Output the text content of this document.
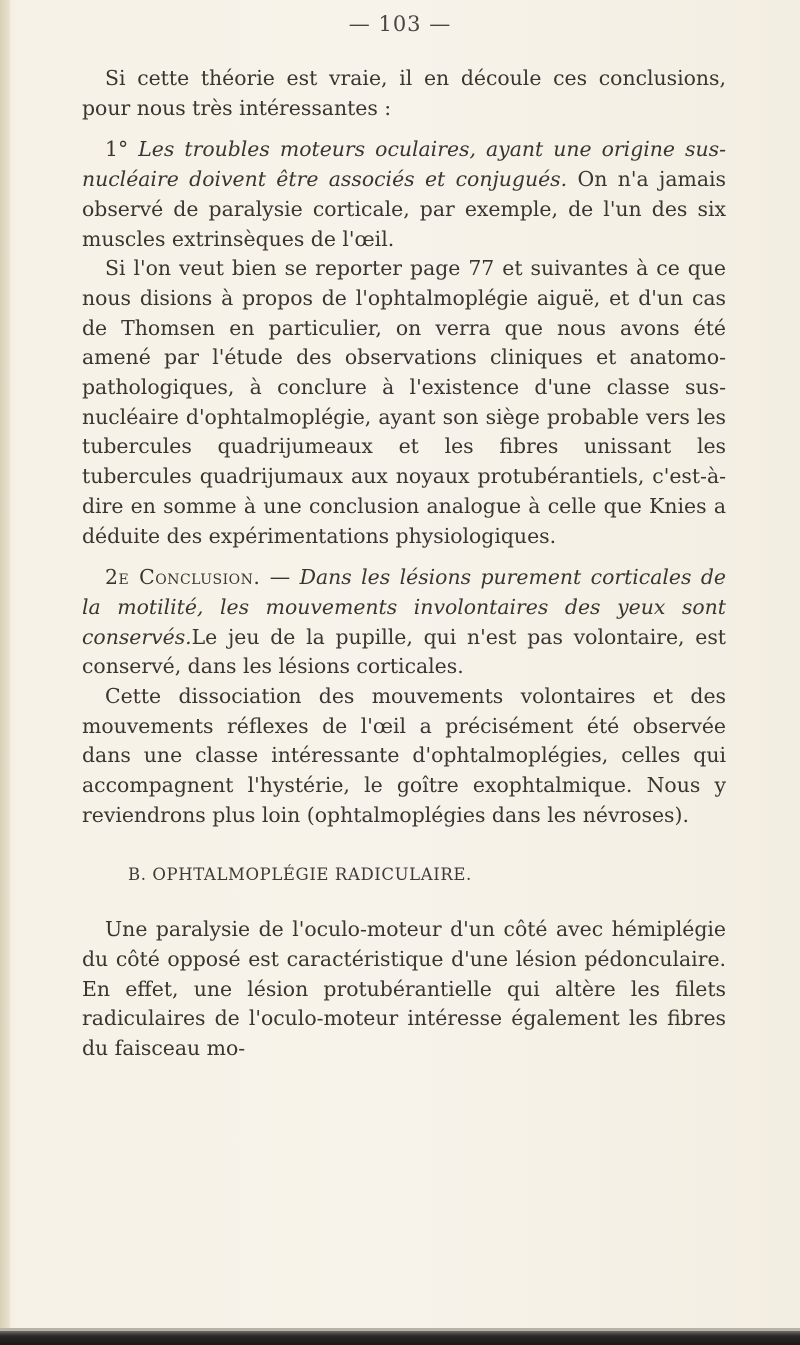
— 103 —

Si cette théorie est vraie, il en découle ces conclusions, pour nous très intéressantes :

1° Les troubles moteurs oculaires, ayant une origine sus-nucléaire doivent être associés et conjugués. On n'a jamais observé de paralysie corticale, par exemple, de l'un des six muscles extrinsèques de l'œil.

Si l'on veut bien se reporter page 77 et suivantes à ce que nous disions à propos de l'ophtalmoplégie aiguë, et d'un cas de Thomsen en particulier, on verra que nous avons été amené par l'étude des observations cliniques et anatomo-pathologiques, à conclure à l'existence d'une classe sus-nucléaire d'ophtalmoplégie, ayant son siège probable vers les tubercules quadrijumeaux et les fibres unissant les tubercules quadrijumaux aux noyaux protubérantiels, c'est-à-dire en somme à une conclusion analogue à celle que Knies a déduite des expérimentations physiologiques.

2e Conclusion. — Dans les lésions purement corticales de la motilité, les mouvements involontaires des yeux sont conservés.Le jeu de la pupille, qui n'est pas volontaire, est conservé, dans les lésions corticales.

Cette dissociation des mouvements volontaires et des mouvements réflexes de l'œil a précisément été observée dans une classe intéressante d'ophtalmoplégies, celles qui accompagnent l'hystérie, le goître exophtalmique. Nous y reviendrons plus loin (ophtalmoplégies dans les névroses).

B. OPHTALMOPLÉGIE RADICULAIRE.

Une paralysie de l'oculo-moteur d'un côté avec hémiplégie du côté opposé est caractéristique d'une lésion pédonculaire. En effet, une lésion protubérantielle qui altère les filets radiculaires de l'oculo-moteur intéresse également les fibres du faisceau mo-
